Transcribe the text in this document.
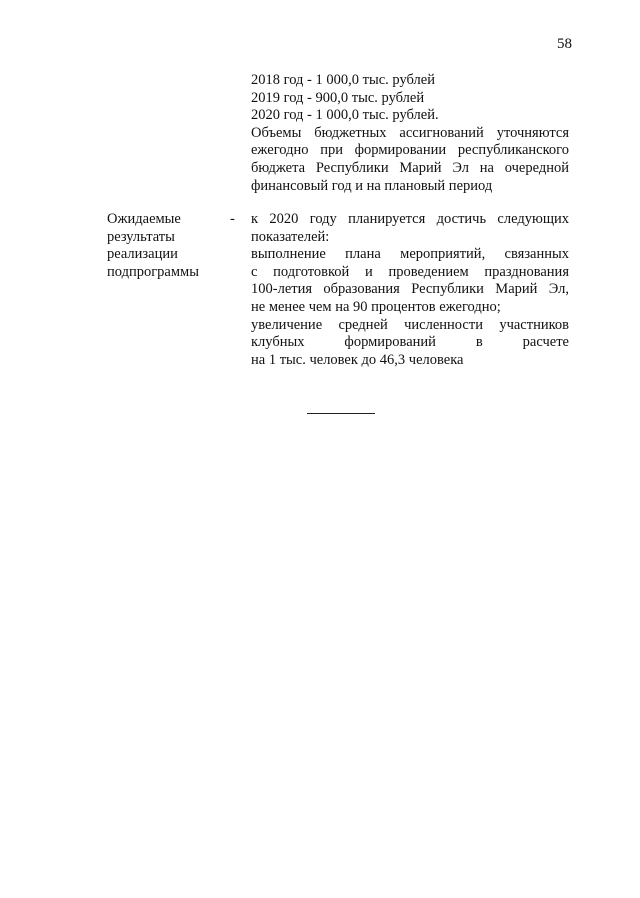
58
2018 год - 1 000,0 тыс. рублей
2019 год - 900,0 тыс. рублей
2020 год - 1 000,0 тыс. рублей.
Объемы бюджетных ассигнований уточняются
ежегодно при формировании республиканского
бюджета Республики Марий Эл на очередной
финансовый год и на плановый период
Ожидаемые
результаты
реализации
подпрограммы
- к 2020 году планируется достичь следующих
показателей:
выполнение плана мероприятий, связанных
с подготовкой и проведением празднования
100-летия образования Республики Марий Эл,
не менее чем на 90 процентов ежегодно;
увеличение средней численности участников
клубных формирований в расчете
на 1 тыс. человек до 46,3 человека
